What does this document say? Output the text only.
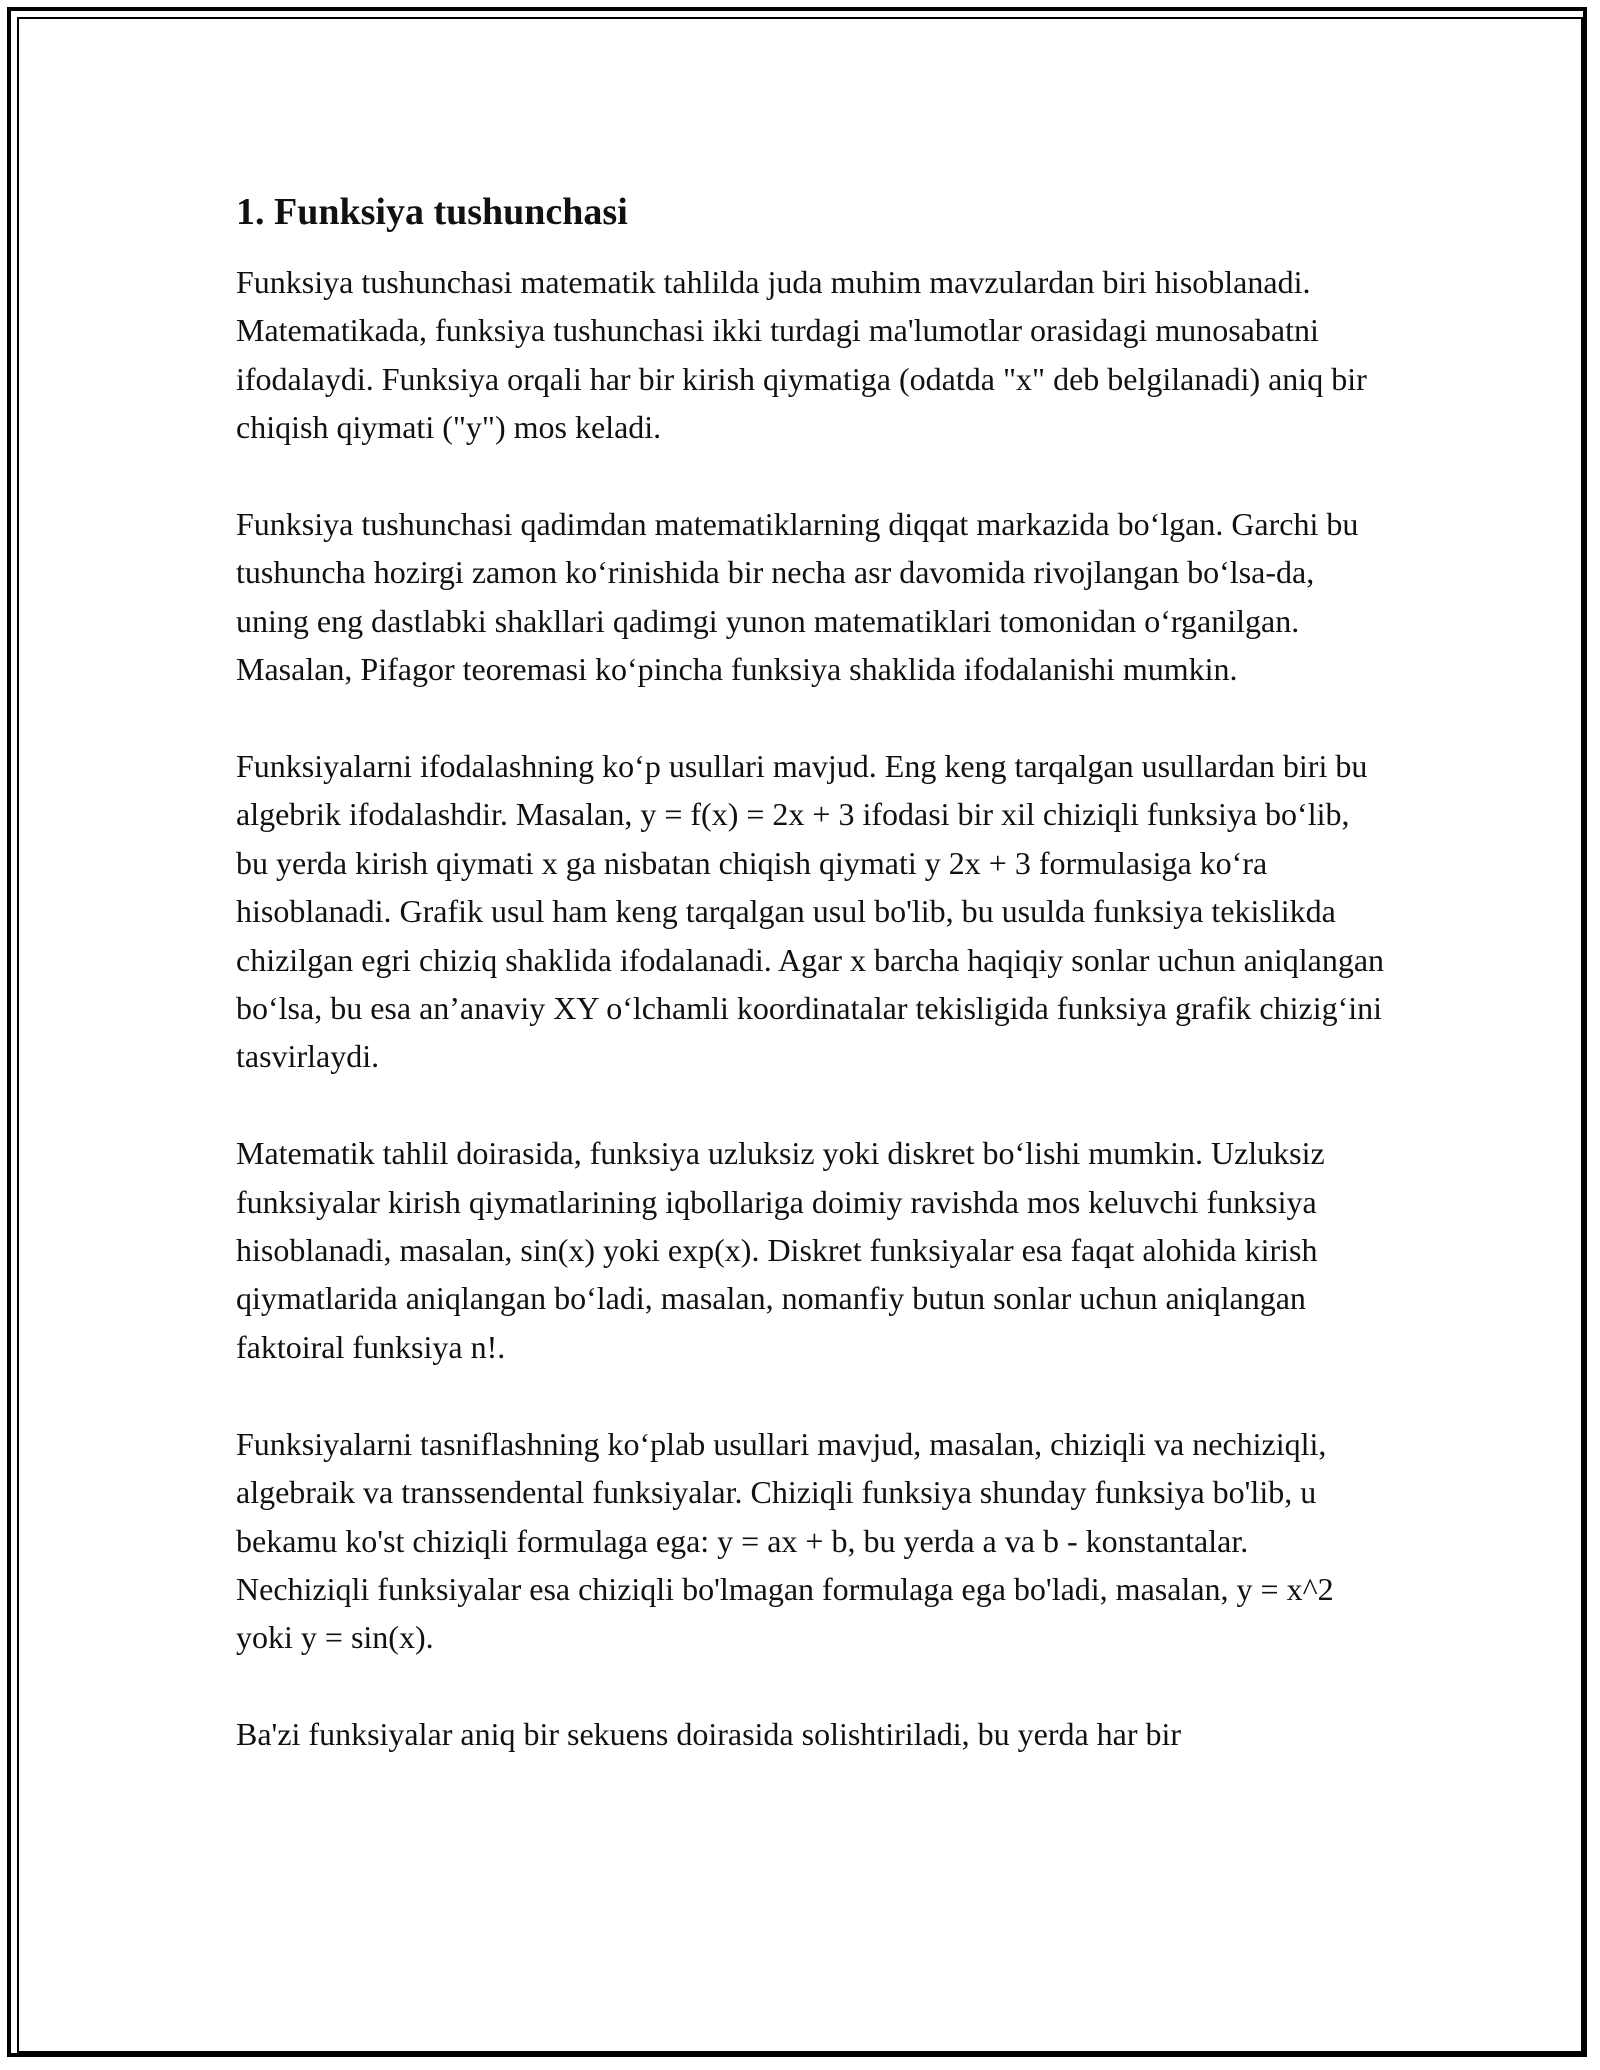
1. Funksiya tushunchasi

Funksiya tushunchasi matematik tahlilda juda muhim mavzulardan biri hisoblanadi. Matematikada, funksiya tushunchasi ikki turdagi ma'lumotlar orasidagi munosabatni ifodalaydi. Funksiya orqali har bir kirish qiymatiga (odatda "x" deb belgilanadi) aniq bir chiqish qiymati ("y") mos keladi.

Funksiya tushunchasi qadimdan matematiklarning diqqat markazida bo‘lgan. Garchi bu tushuncha hozirgi zamon ko‘rinishida bir necha asr davomida rivojlangan bo‘lsa-da, uning eng dastlabki shakllari qadimgi yunon matematiklari tomonidan o‘rganilgan. Masalan, Pifagor teoremasi ko‘pincha funksiya shaklida ifodalanishi mumkin.

Funksiyalarni ifodalashning ko‘p usullari mavjud. Eng keng tarqalgan usullardan biri bu algebrik ifodalashdir. Masalan, y = f(x) = 2x + 3 ifodasi bir xil chiziqli funksiya bo‘lib, bu yerda kirish qiymati x ga nisbatan chiqish qiymati y 2x + 3 formulasiga ko‘ra hisoblanadi. Grafik usul ham keng tarqalgan usul bo'lib, bu usulda funksiya tekislikda chizilgan egri chiziq shaklida ifodalanadi. Agar x barcha haqiqiy sonlar uchun aniqlangan bo‘lsa, bu esa an’anaviy XY o‘lchamli koordinatalar tekisligida funksiya grafik chizig‘ini tasvirlaydi.

Matematik tahlil doirasida, funksiya uzluksiz yoki diskret bo‘lishi mumkin. Uzluksiz funksiyalar kirish qiymatlarining iqbollariga doimiy ravishda mos keluvchi funksiya hisoblanadi, masalan, sin(x) yoki exp(x). Diskret funksiyalar esa faqat alohida kirish qiymatlarida aniqlangan bo‘ladi, masalan, nomanfiy butun sonlar uchun aniqlangan faktoiral funksiya n!.

Funksiyalarni tasniflashning ko‘plab usullari mavjud, masalan, chiziqli va nechiziqli, algebraik va transsendental funksiyalar. Chiziqli funksiya shunday funksiya bo'lib, u bekamu ko'st chiziqli formulaga ega: y = ax + b, bu yerda a va b - konstantalar. Nechiziqli funksiyalar esa chiziqli bo'lmagan formulaga ega bo'ladi, masalan, y = x^2 yoki y = sin(x).

Ba'zi funksiyalar aniq bir sekuens doirasida solishtiriladi, bu yerda har bir
